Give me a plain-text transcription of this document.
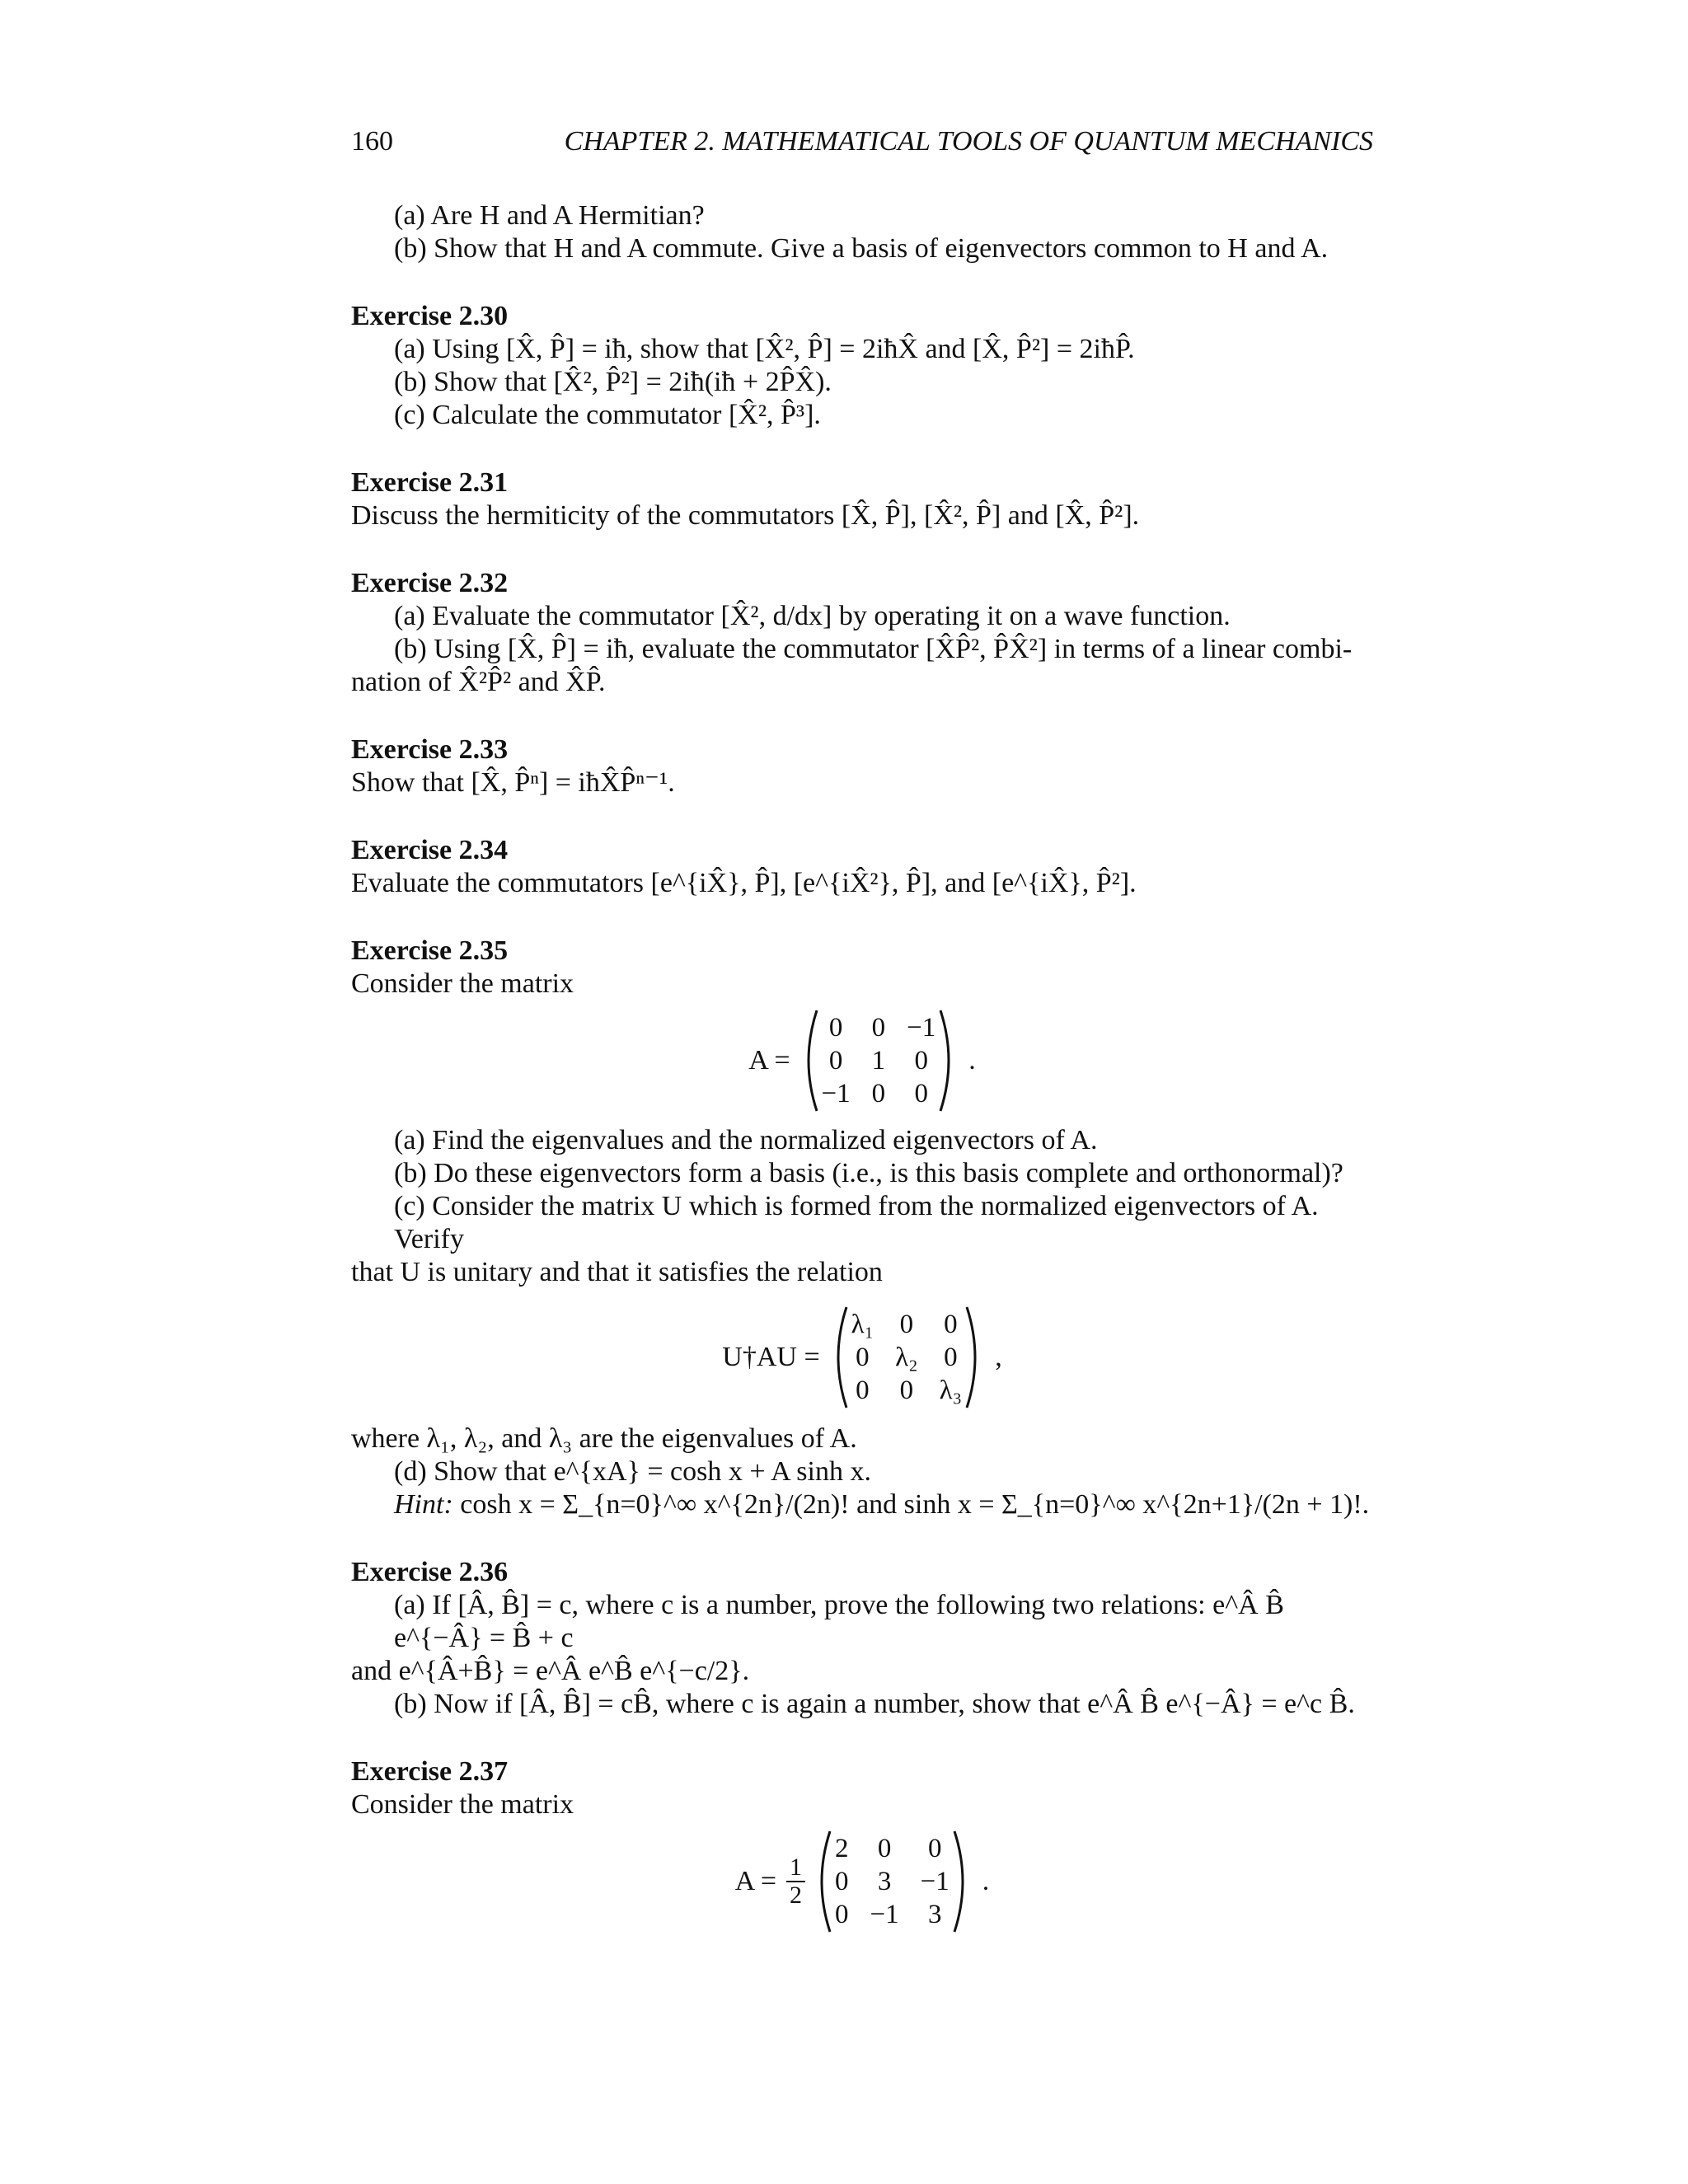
160	CHAPTER 2. MATHEMATICAL TOOLS OF QUANTUM MECHANICS

(a) Are H and A Hermitian?

(b) Show that H and A commute. Give a basis of eigenvectors common to H and A.

Exercise 2.30

(a) Using [X̂, P̂] = iħ, show that [X̂², P̂] = 2iħX̂ and [X̂, P̂²] = 2iħP̂.

(b) Show that [X̂², P̂²] = 2iħ(iħ + 2P̂X̂).

(c) Calculate the commutator [X̂², P̂³].

Exercise 2.31

Discuss the hermiticity of the commutators [X̂, P̂], [X̂², P̂] and [X̂, P̂²].

Exercise 2.32

(a) Evaluate the commutator [X̂², d/dx] by operating it on a wave function.

(b) Using [X̂, P̂] = iħ, evaluate the commutator [X̂P̂², P̂X̂²] in terms of a linear combi-

nation of X̂²P̂² and X̂P̂.

Exercise 2.33

Show that [X̂, P̂ⁿ] = iħX̂P̂ⁿ⁻¹.

Exercise 2.34

Evaluate the commutators [e^{iX̂}, P̂], [e^{iX̂²}, P̂], and [e^{iX̂}, P̂²].

Exercise 2.35

Consider the matrix

A =
0 0 −1
0 1 0
−1 0 0
.

(a) Find the eigenvalues and the normalized eigenvectors of A.

(b) Do these eigenvectors form a basis (i.e., is this basis complete and orthonormal)?

(c) Consider the matrix U which is formed from the normalized eigenvectors of A. Verify

that U is unitary and that it satisfies the relation

U†AU =
λ₁ 0 0
0 λ₂ 0
0 0 λ₃
,

where λ₁, λ₂, and λ₃ are the eigenvalues of A.

(d) Show that e^{xA} = cosh x + A sinh x.

Hint: cosh x = Σ_{n=0}^∞ x^{2n}/(2n)! and sinh x = Σ_{n=0}^∞ x^{2n+1}/(2n + 1)!.

Exercise 2.36

(a) If [Â, B̂] = c, where c is a number, prove the following two relations: e^Â B̂ e^{−Â} = B̂ + c

and e^{Â+B̂} = e^Â e^B̂ e^{−c/2}.

(b) Now if [Â, B̂] = cB̂, where c is again a number, show that e^Â B̂ e^{−Â} = e^c B̂.

Exercise 2.37

Consider the matrix

$A = \frac{1}{2}$
2 0 0
0 3 −1
0 −1 3
.
